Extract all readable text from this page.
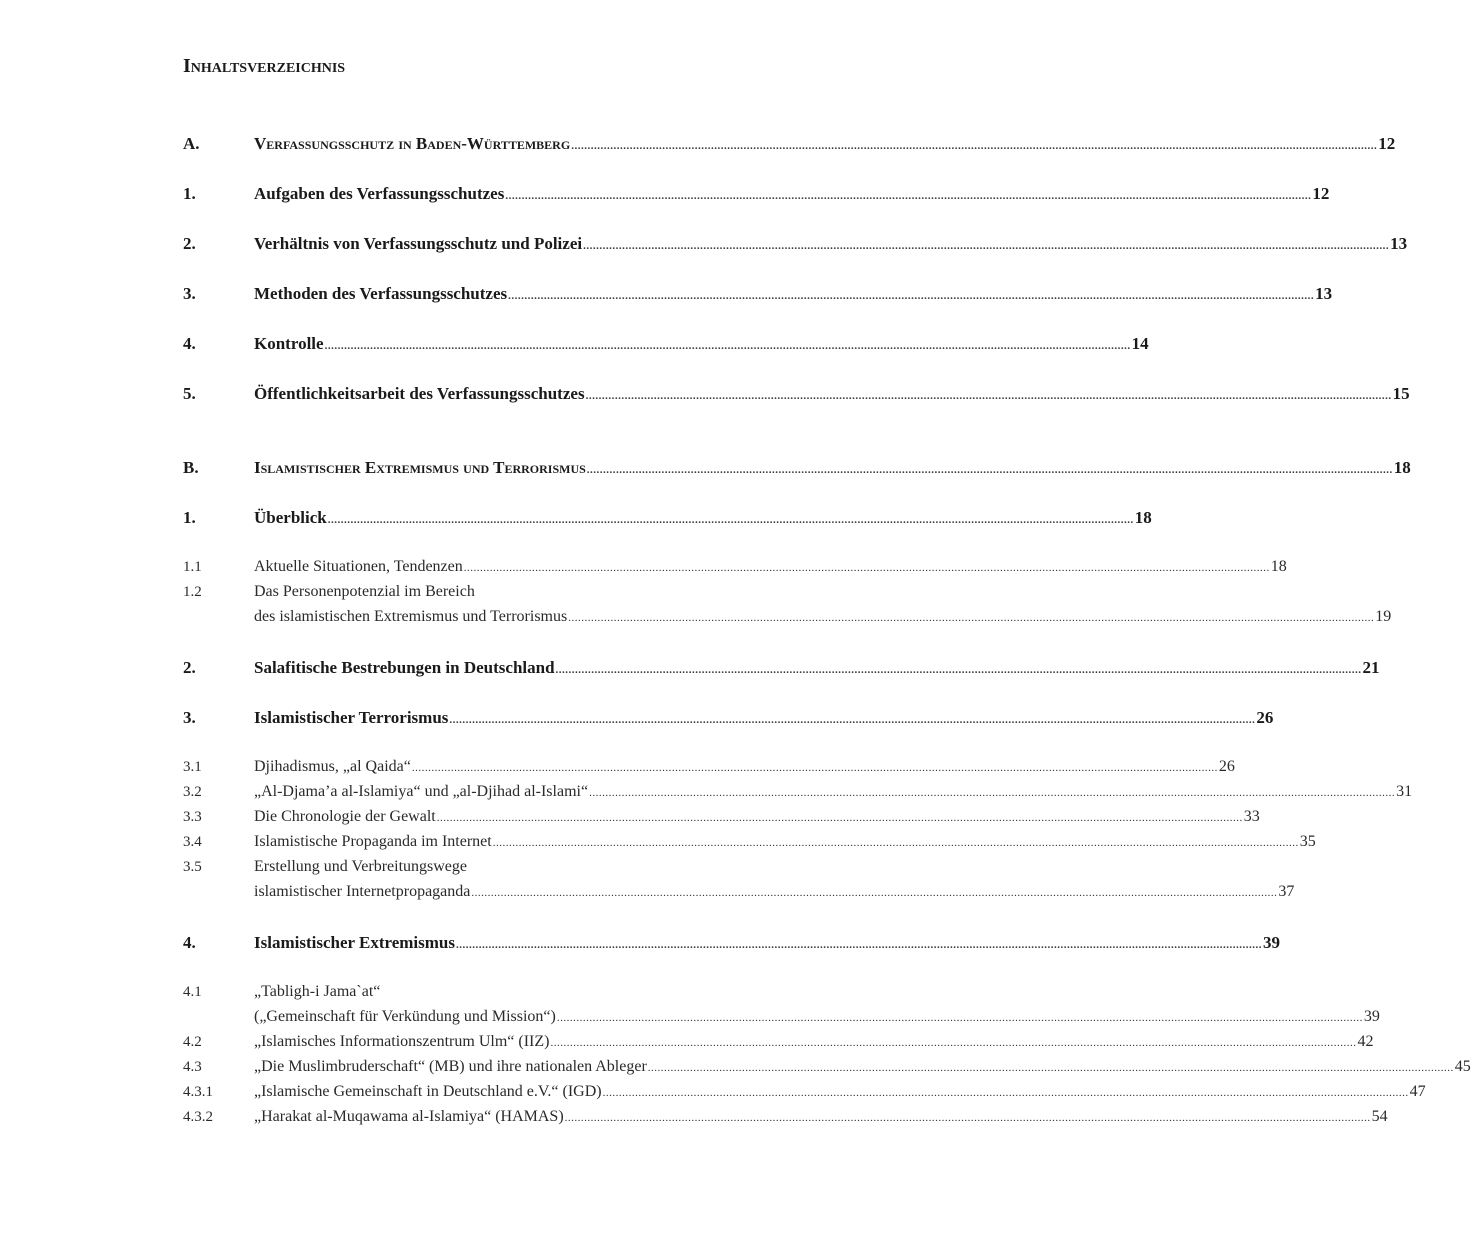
Inhaltsverzeichnis
A.	Verfassungsschutz in Baden-Württemberg .....	12
1.	Aufgaben des Verfassungsschutzes .....	12
2.	Verhältnis von Verfassungsschutz und Polizei .....	13
3.	Methoden des Verfassungsschutzes .....	13
4.	Kontrolle .....	14
5.	Öffentlichkeitsarbeit des Verfassungsschutzes .....	15
B.	Islamistischer Extremismus und Terrorismus .....	18
1.	Überblick .....	18
1.1	Aktuelle Situationen, Tendenzen .....	18
1.2	Das Personenpotenzial im Bereich
des islamistischen Extremismus und Terrorismus .....	19
2.	Salafitische Bestrebungen in Deutschland .....	21
3.	Islamistischer Terrorismus .....	26
3.1	Djihadismus, „al Qaida“ .....	26
3.2	„Al-Djama’a al-Islamiya“ und „al-Djihad al-Islami“ .....	31
3.3	Die Chronologie der Gewalt .....	33
3.4	Islamistische Propaganda im Internet .....	35
3.5	Erstellung und Verbreitungswege
islamistischer Internetpropaganda .....	37
4.	Islamistischer Extremismus .....	39
4.1	„Tabligh-i Jama`at“
(„Gemeinschaft für Verkündung und Mission“) .....	39
4.2	„Islamisches Informationszentrum Ulm“ (IIZ) .....	42
4.3	„Die Muslimbruderschaft“ (MB) und ihre nationalen Ableger .....	45
4.3.1	„Islamische Gemeinschaft in Deutschland e.V.“ (IGD) .....	47
4.3.2	„Harakat al-Muqawama al-Islamiya“ (HAMAS) .....	54
